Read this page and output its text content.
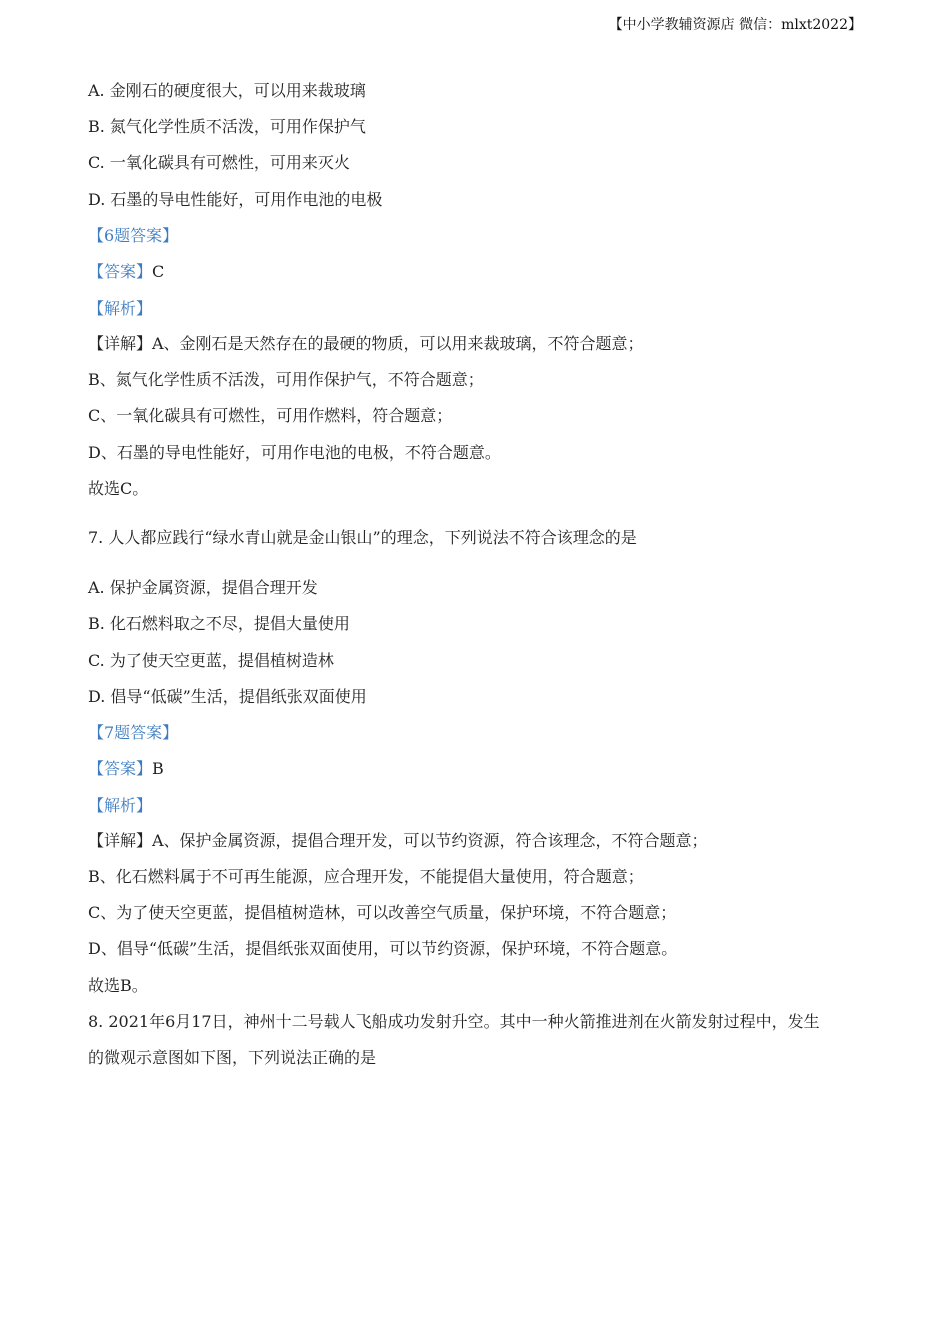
【中小学教辅资源店 微信：mlxt2022】
A. 金刚石的硬度很大，可以用来裁玻璃
B. 氮气化学性质不活泼，可用作保护气
C. 一氧化碳具有可燃性，可用来灭火
D. 石墨的导电性能好，可用作电池的电极
【6题答案】
【答案】C
【解析】
【详解】A、金刚石是天然存在的最硬的物质，可以用来裁玻璃，不符合题意；
B、氮气化学性质不活泼，可用作保护气，不符合题意；
C、一氧化碳具有可燃性，可用作燃料，符合题意；
D、石墨的导电性能好，可用作电池的电极，不符合题意。
故选C。
7. 人人都应践行“绿水青山就是金山银山”的理念，下列说法不符合该理念的是
A. 保护金属资源，提倡合理开发
B. 化石燃料取之不尽，提倡大量使用
C. 为了使天空更蓝，提倡植树造林
D. 倡导“低碳”生活，提倡纸张双面使用
【7题答案】
【答案】B
【解析】
【详解】A、保护金属资源，提倡合理开发，可以节约资源，符合该理念，不符合题意；
B、化石燃料属于不可再生能源，应合理开发，不能提倡大量使用，符合题意；
C、为了使天空更蓝，提倡植树造林，可以改善空气质量，保护环境，不符合题意；
D、倡导“低碳”生活，提倡纸张双面使用，可以节约资源，保护环境，不符合题意。
故选B。
8. 2021年6月17日，神州十二号载人飞船成功发射升空。其中一种火箭推进剂在火箭发射过程中，发生
的微观示意图如下图，下列说法正确的是
